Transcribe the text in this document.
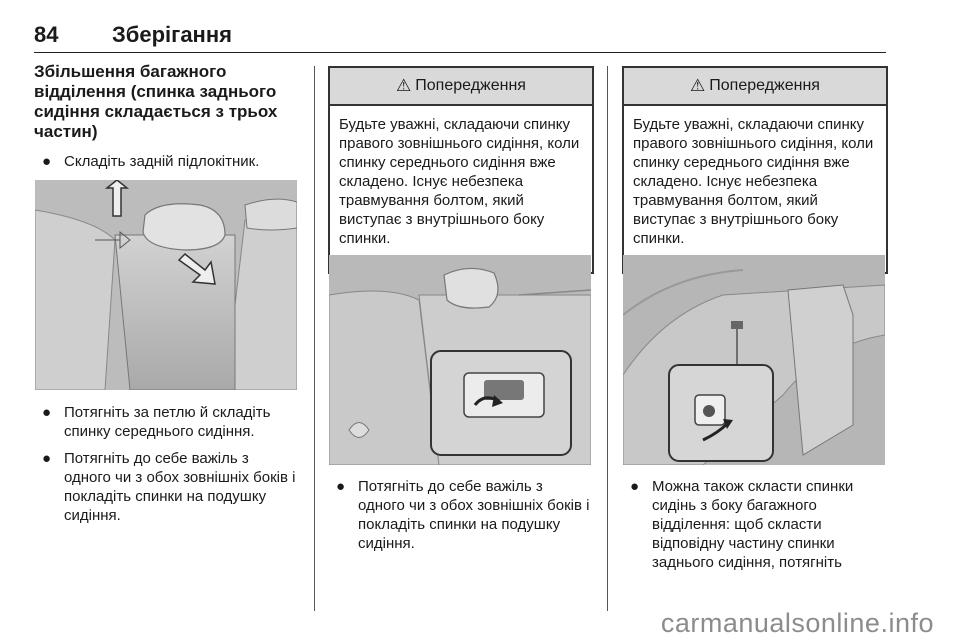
84 Зберігання
Збільшення багажного відділення (спинка заднього сидіння складається з трьох частин)
● Складіть задній підлокітник.
● Потягніть за петлю й складіть спинку середнього сидіння.
● Потягніть до себе важіль з одного чи з обох зовнішніх боків і покладіть спинки на подушку сидіння.
⚠ Попередження
Будьте уважні, складаючи спинку правого зовнішнього сидіння, коли спинку середнього сидіння вже складено. Існує небезпека травмування болтом, який виступає з внутрішнього боку спинки.
● Потягніть до себе важіль з одного чи з обох зовнішніх боків і покладіть спинки на подушку сидіння.
⚠ Попередження
Будьте уважні, складаючи спинку правого зовнішнього сидіння, коли спинку середнього сидіння вже складено. Існує небезпека травмування болтом, який виступає з внутрішнього боку спинки.
● Можна також скласти спинки сидінь з боку багажного відділення: щоб скласти відповідну частину спинки заднього сидіння, потягніть
carmanualsonline.info
